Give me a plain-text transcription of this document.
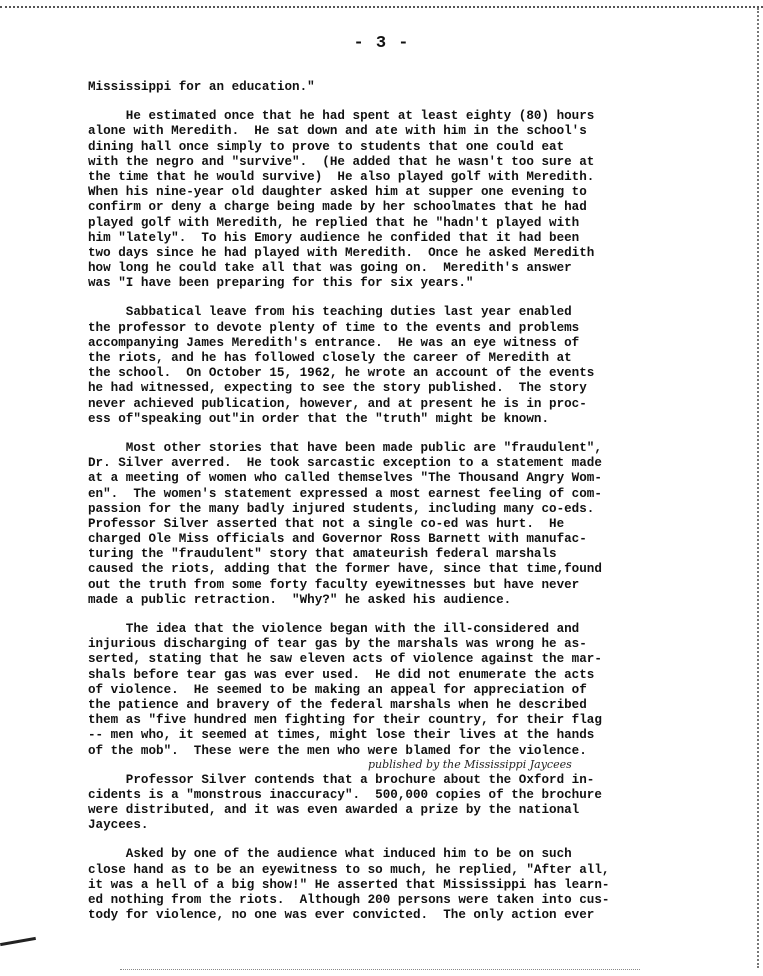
- 3 -
Mississippi for an education."
He estimated once that he had spent at least eighty (80) hours
alone with Meredith.  He sat down and ate with him in the school's
dining hall once simply to prove to students that one could eat
with the negro and "survive".  (He added that he wasn't too sure at
the time that he would survive)  He also played golf with Meredith.
When his nine-year old daughter asked him at supper one evening to
confirm or deny a charge being made by her schoolmates that he had
played golf with Meredith, he replied that he "hadn't played with
him "lately".  To his Emory audience he confided that it had been
two days since he had played with Meredith.  Once he asked Meredith
how long he could take all that was going on.  Meredith's answer
was "I have been preparing for this for six years."
Sabbatical leave from his teaching duties last year enabled
the professor to devote plenty of time to the events and problems
accompanying James Meredith's entrance.  He was an eye witness of
the riots, and he has followed closely the career of Meredith at
the school.  On October 15, 1962, he wrote an account of the events
he had witnessed, expecting to see the story published.  The story
never achieved publication, however, and at present he is in proc-
ess of"speaking out"in order that the "truth" might be known.
Most other stories that have been made public are "fraudulent",
Dr. Silver averred.  He took sarcastic exception to a statement made
at a meeting of women who called themselves "The Thousand Angry Wom-
en".  The women's statement expressed a most earnest feeling of com-
passion for the many badly injured students, including many co-eds.
Professor Silver asserted that not a single co-ed was hurt.  He
charged Ole Miss officials and Governor Ross Barnett with manufac-
turing the "fraudulent" story that amateurish federal marshals
caused the riots, adding that the former have, since that time,found
out the truth from some forty faculty eyewitnesses but have never
made a public retraction.  "Why?" he asked his audience.
The idea that the violence began with the ill-considered and
injurious discharging of tear gas by the marshals was wrong he as-
serted, stating that he saw eleven acts of violence against the mar-
shals before tear gas was ever used.  He did not enumerate the acts
of violence.  He seemed to be making an appeal for appreciation of
the patience and bravery of the federal marshals when he described
them as "five hundred men fighting for their country, for their flag
-- men who, it seemed at times, might lose their lives at the hands
of the mob".  These were the men who were blamed for the violence.
Professor Silver contends that a brochure about the Oxford in-
cidents is a "monstrous inaccuracy".  500,000 copies of the brochure
were distributed, and it was even awarded a prize by the national
Jaycees.
Asked by one of the audience what induced him to be on such
close hand as to be an eyewitness to so much, he replied, "After all,
it was a hell of a big show!" He asserted that Mississippi has learn-
ed nothing from the riots.  Although 200 persons were taken into cus-
tody for violence, no one was ever convicted.  The only action ever
published by the Mississippi Jaycees
